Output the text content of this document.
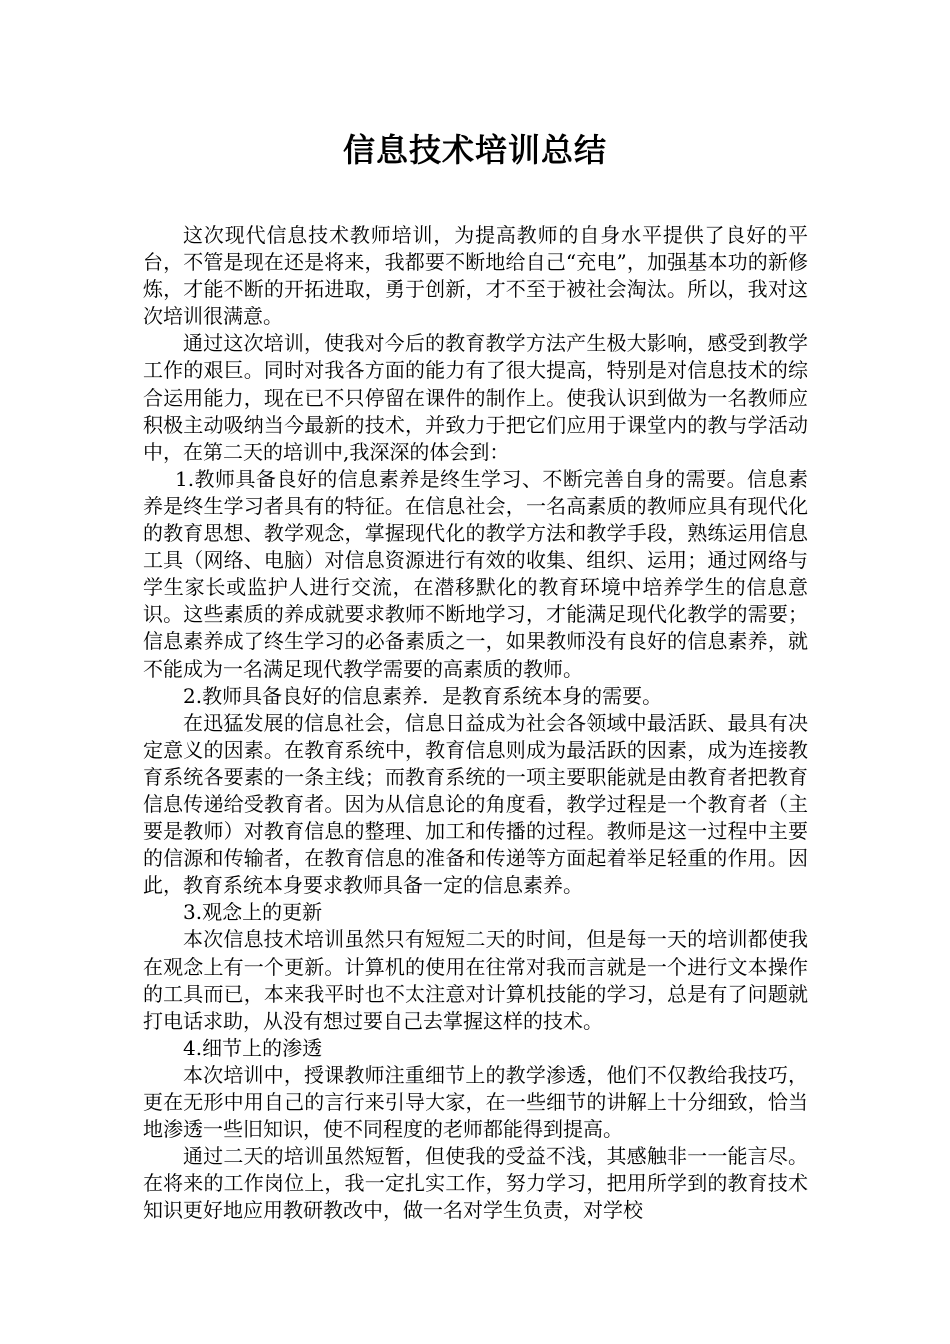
信息技术培训总结

这次现代信息技术教师培训，为提高教师的自身水平提供了良好的平台，不管是现在还是将来，我都要不断地给自己“充电”，加强基本功的新修炼，才能不断的开拓进取，勇于创新，才不至于被社会淘汰。所以，我对这次培训很满意。

通过这次培训，使我对今后的教育教学方法产生极大影响，感受到教学工作的艰巨。同时对我各方面的能力有了很大提高，特别是对信息技术的综合运用能力，现在已不只停留在课件的制作上。使我认识到做为一名教师应积极主动吸纳当今最新的技术，并致力于把它们应用于课堂内的教与学活动中，在第二天的培训中,我深深的体会到：

1.教师具备良好的信息素养是终生学习、不断完善自身的需要。信息素养是终生学习者具有的特征。在信息社会，一名高素质的教师应具有现代化的教育思想、教学观念，掌握现代化的教学方法和教学手段，熟练运用信息工具（网络、电脑）对信息资源进行有效的收集、组织、运用；通过网络与学生家长或监护人进行交流，在潜移默化的教育环境中培养学生的信息意识。这些素质的养成就要求教师不断地学习，才能满足现代化教学的需要；信息素养成了终生学习的必备素质之一，如果教师没有良好的信息素养，就不能成为一名满足现代教学需要的高素质的教师。

2.教师具备良好的信息素养．是教育系统本身的需要。

在迅猛发展的信息社会，信息日益成为社会各领域中最活跃、最具有决定意义的因素。在教育系统中，教育信息则成为最活跃的因素，成为连接教育系统各要素的一条主线；而教育系统的一项主要职能就是由教育者把教育信息传递给受教育者。因为从信息论的角度看，教学过程是一个教育者（主要是教师）对教育信息的整理、加工和传播的过程。教师是这一过程中主要的信源和传输者，在教育信息的准备和传递等方面起着举足轻重的作用。因此，教育系统本身要求教师具备一定的信息素养。

3.观念上的更新

本次信息技术培训虽然只有短短二天的时间，但是每一天的培训都使我在观念上有一个更新。计算机的使用在往常对我而言就是一个进行文本操作的工具而已，本来我平时也不太注意对计算机技能的学习，总是有了问题就打电话求助，从没有想过要自己去掌握这样的技术。

4.细节上的渗透

本次培训中，授课教师注重细节上的教学渗透，他们不仅教给我技巧，更在无形中用自己的言行来引导大家，在一些细节的讲解上十分细致，恰当地渗透一些旧知识，使不同程度的老师都能得到提高。

通过二天的培训虽然短暂，但使我的受益不浅，其感触非一一能言尽。在将来的工作岗位上，我一定扎实工作，努力学习，把用所学到的教育技术知识更好地应用教研教改中，做一名对学生负责，对学校
